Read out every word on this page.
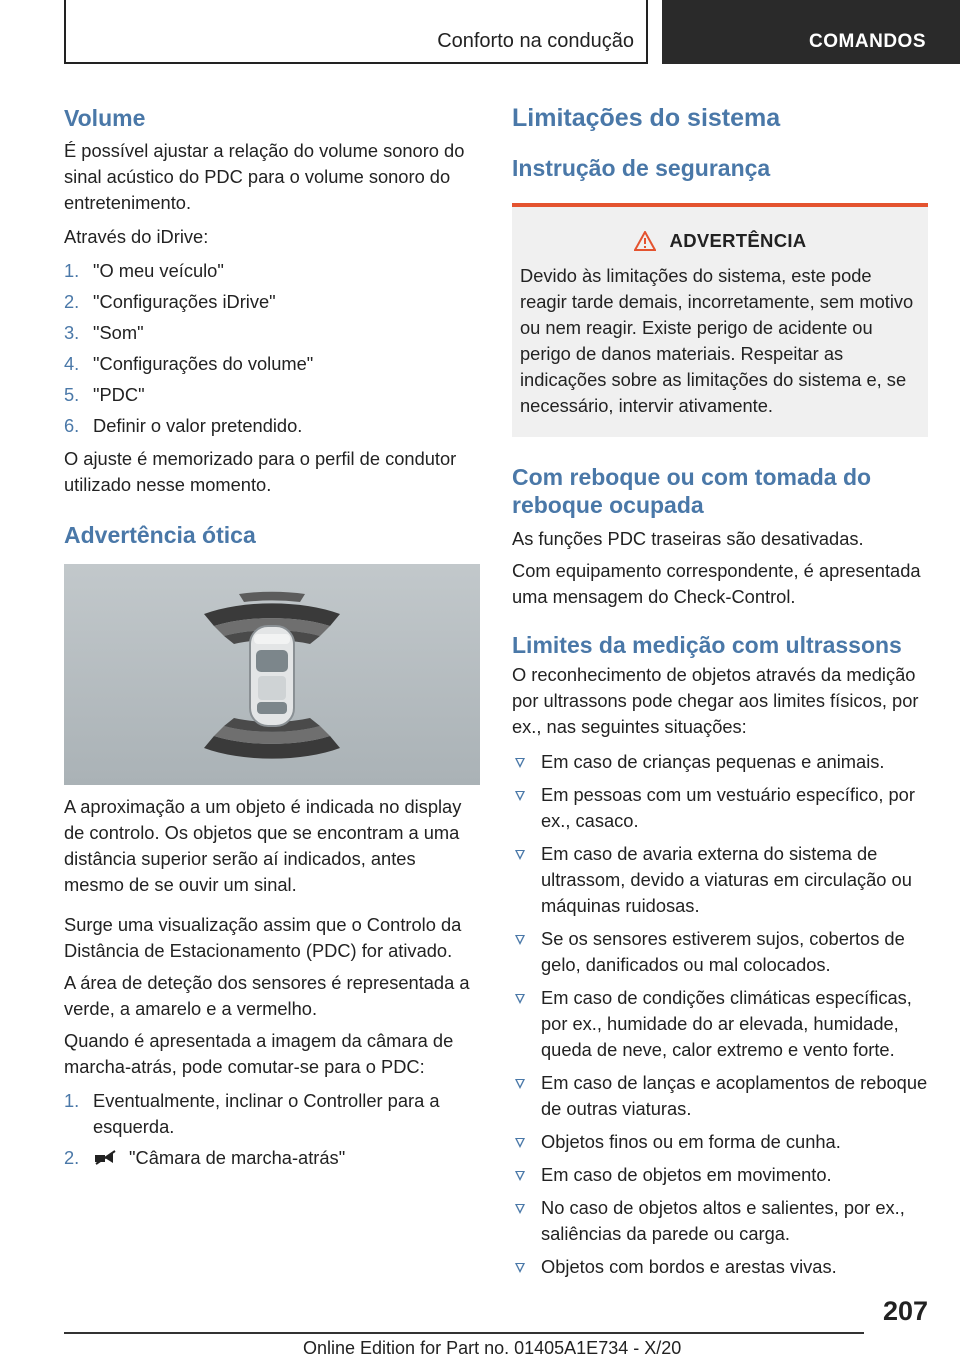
Conforto na condução	COMANDOS
Volume

É possível ajustar a relação do volume sonoro do sinal acústico do PDC para o volume sonoro do entretenimento.

Através do iDrive:

1. "O meu veículo"
2. "Configurações iDrive"
3. "Som"
4. "Configurações do volume"
5. "PDC"
6. Definir o valor pretendido.

O ajuste é memorizado para o perfil de condutor utilizado nesse momento.

Advertência ótica

A aproximação a um objeto é indicada no display de controlo. Os objetos que se encontram a uma distância superior serão aí indicados, antes mesmo de se ouvir um sinal.

Surge uma visualização assim que o Controlo da Distância de Estacionamento (PDC) for ativado.

A área de deteção dos sensores é representada a verde, a amarelo e a vermelho.

Quando é apresentada a imagem da câmara de marcha-atrás, pode comutar-se para o PDC:

1. Eventualmente, inclinar o Controller para a esquerda.
2.	"Câmara de marcha-atrás"
Limitações do sistema
Instrução de segurança
ADVERTÊNCIA
Devido às limitações do sistema, este pode reagir tarde demais, incorretamente, sem motivo ou nem reagir. Existe perigo de acidente ou perigo de danos materiais. Respeitar as indicações sobre as limitações do sistema e, se necessário, intervir ativamente.
Com reboque ou com tomada do reboque ocupada

As funções PDC traseiras são desativadas.

Com equipamento correspondente, é apresentada uma mensagem do Check-Control.

Limites da medição com ultrassons

O reconhecimento de objetos através da medição por ultrassons pode chegar aos limites físicos, por ex., nas seguintes situações:

Em caso de crianças pequenas e animais.
Em pessoas com um vestuário específico, por ex., casaco.
Em caso de avaria externa do sistema de ultrassom, devido a viaturas em circulação ou máquinas ruidosas.
Se os sensores estiverem sujos, cobertos de gelo, danificados ou mal colocados.
Em caso de condições climáticas específicas, por ex., humidade do ar elevada, humidade, queda de neve, calor extremo e vento forte.
Em caso de lanças e acoplamentos de reboque de outras viaturas.
Objetos finos ou em forma de cunha.
Em caso de objetos em movimento.
No caso de objetos altos e salientes, por ex., saliências da parede ou carga.
Objetos com bordos e arestas vivas.
207
Online Edition for Part no. 01405A1E734 - X/20
